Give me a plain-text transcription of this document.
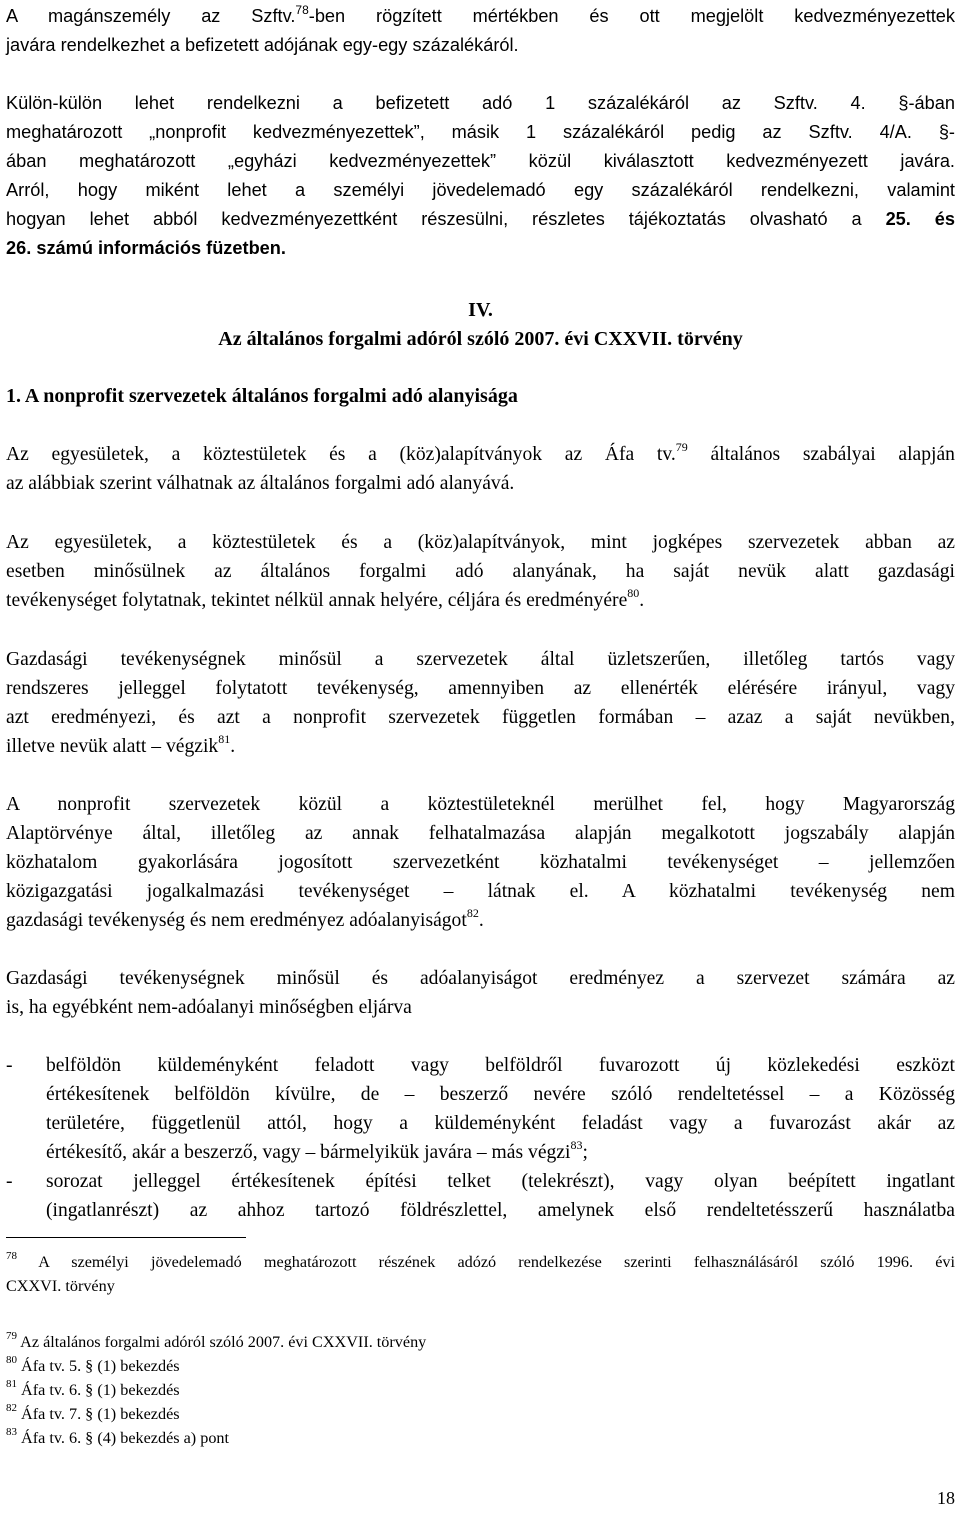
A magánszemély az Szftv.$^{78}$-ben rögzített mértékben és ott megjelölt kedvezményezettek
javára rendelkezhet a befizetett adójának egy-egy százalékáról.
Külön-külön lehet rendelkezni a befizetett adó 1 százalékáról az Szftv. 4. §-ában
meghatározott „nonprofit kedvezményezettek”, másik 1 százalékáról pedig az Szftv. 4/A. §-
ában meghatározott „egyházi kedvezményezettek” közül kiválasztott kedvezményezett javára.
Arról, hogy miként lehet a személyi jövedelemadó egy százalékáról rendelkezni, valamint
hogyan lehet abból kedvezményezettként részesülni, részletes tájékoztatás olvasható a 25. és
26. számú információs füzetben.
IV.
Az általános forgalmi adóról szóló 2007. évi CXXVII. törvény
1. A nonprofit szervezetek általános forgalmi adó alanyisága
Az egyesületek, a köztestületek és a (köz)alapítványok az Áfa tv.$^{79}$ általános szabályai alapján
az alábbiak szerint válhatnak az általános forgalmi adó alanyává.
Az egyesületek, a köztestületek és a (köz)alapítványok, mint jogképes szervezetek abban az
esetben minősülnek az általános forgalmi adó alanyának, ha saját nevük alatt gazdasági
tevékenységet folytatnak, tekintet nélkül annak helyére, céljára és eredményére$^{80}$.
Gazdasági tevékenységnek minősül a szervezetek által üzletszerűen, illetőleg tartós vagy
rendszeres jelleggel folytatott tevékenység, amennyiben az ellenérték elérésére irányul, vagy
azt eredményezi, és azt a nonprofit szervezetek független formában – azaz a saját nevükben,
illetve nevük alatt – végzik$^{81}$.
A nonprofit szervezetek közül a köztestületeknél merülhet fel, hogy Magyarország
Alaptörvénye által, illetőleg az annak felhatalmazása alapján megalkotott jogszabály alapján
közhatalom gyakorlására jogosított szervezetként közhatalmi tevékenységet – jellemzően
közigazgatási jogalkalmazási tevékenységet – látnak el. A közhatalmi tevékenység nem
gazdasági tevékenység és nem eredményez adóalanyiságot$^{82}$.
Gazdasági tevékenységnek minősül és adóalanyiságot eredményez a szervezet számára az
is, ha egyébként nem-adóalanyi minőségben eljárva
- belföldön küldeményként feladott vagy belföldről fuvarozott új közlekedési eszközt
értékesítenek belföldön kívülre, de – beszerző nevére szóló rendeltetéssel – a Közösség
területére, függetlenül attól, hogy a küldeményként feladást vagy a fuvarozást akár az
értékesítő, akár a beszerző, vagy – bármelyikük javára – más végzi$^{83}$;
- sorozat jelleggel értékesítenek építési telket (telekrészt), vagy olyan beépített ingatlant
(ingatlanrészt) az ahhoz tartozó földrészlettel, amelynek első rendeltetésszerű használatba
$^{78}$ A személyi jövedelemadó meghatározott részének adózó rendelkezése szerinti felhasználásáról szóló 1996. évi
CXXVI. törvény
$^{79}$ Az általános forgalmi adóról szóló 2007. évi CXXVII. törvény
$^{80}$ Áfa tv. 5. § (1) bekezdés
$^{81}$ Áfa tv. 6. § (1) bekezdés
$^{82}$ Áfa tv. 7. § (1) bekezdés
$^{83}$ Áfa tv. 6. § (4) bekezdés a) pont
18
